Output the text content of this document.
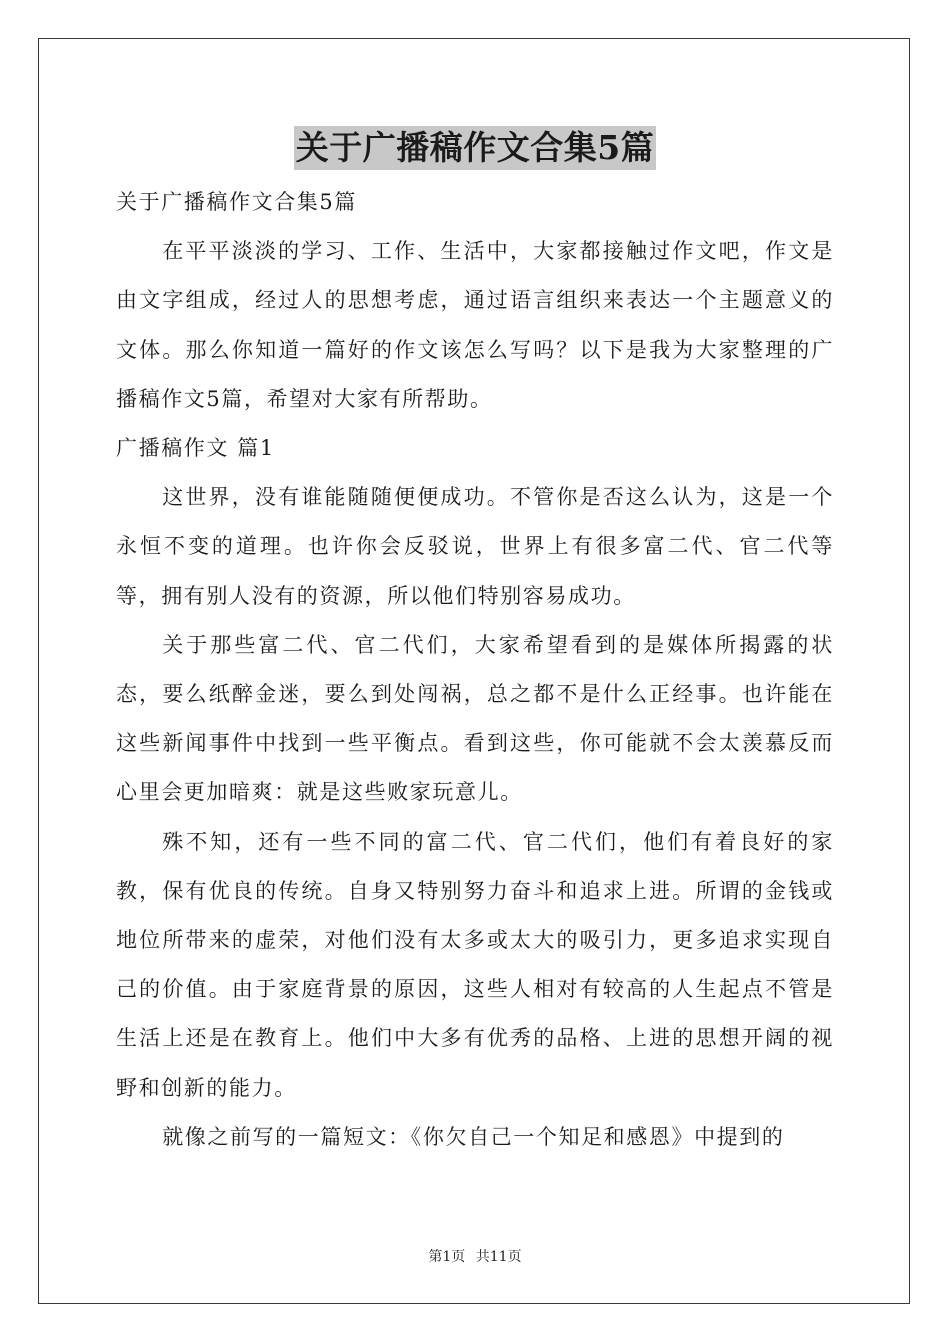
关于广播稿作文合集5篇

关于广播稿作文合集5篇

在平平淡淡的学习、工作、生活中，大家都接触过作文吧，作文是由文字组成，经过人的思想考虑，通过语言组织来表达一个主题意义的文体。那么你知道一篇好的作文该怎么写吗？以下是我为大家整理的广播稿作文5篇，希望对大家有所帮助。

广播稿作文 篇1

这世界，没有谁能随随便便成功。不管你是否这么认为，这是一个永恒不变的道理。也许你会反驳说，世界上有很多富二代、官二代等等，拥有别人没有的资源，所以他们特别容易成功。

关于那些富二代、官二代们，大家希望看到的是媒体所揭露的状态，要么纸醉金迷，要么到处闯祸，总之都不是什么正经事。也许能在这些新闻事件中找到一些平衡点。看到这些，你可能就不会太羡慕反而心里会更加暗爽：就是这些败家玩意儿。

殊不知，还有一些不同的富二代、官二代们，他们有着良好的家教，保有优良的传统。自身又特别努力奋斗和追求上进。所谓的金钱或地位所带来的虚荣，对他们没有太多或太大的吸引力，更多追求实现自己的价值。由于家庭背景的原因，这些人相对有较高的人生起点不管是生活上还是在教育上。他们中大多有优秀的品格、上进的思想开阔的视野和创新的能力。

就像之前写的一篇短文：《你欠自己一个知足和感恩》中提到的

第1页 共11页
